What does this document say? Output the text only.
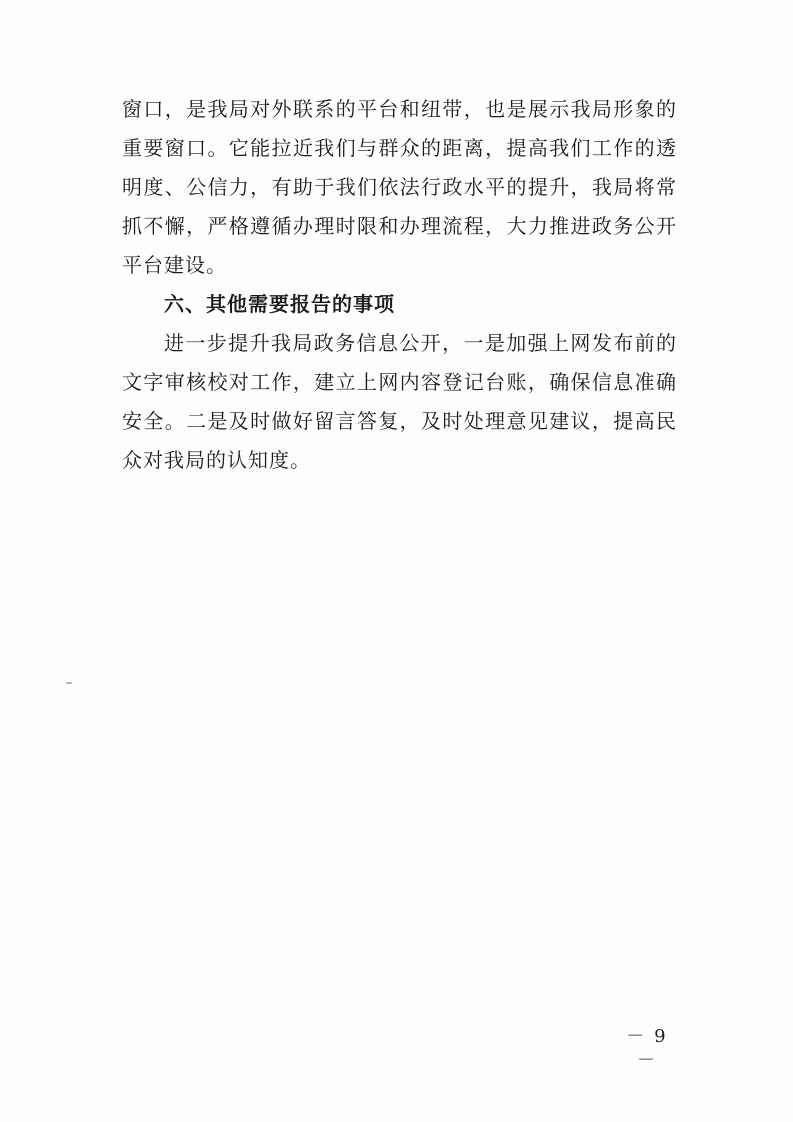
窗口，是我局对外联系的平台和纽带，也是展示我局形象的
重要窗口。它能拉近我们与群众的距离，提高我们工作的透
明度、公信力，有助于我们依法行政水平的提升，我局将常
抓不懈，严格遵循办理时限和办理流程，大力推进政务公开
平台建设。
六、其他需要报告的事项
进一步提升我局政务信息公开，一是加强上网发布前的
文字审核校对工作，建立上网内容登记台账，确保信息准确
安全。二是及时做好留言答复，及时处理意见建议，提高民
众对我局的认知度。
－ 9 －
